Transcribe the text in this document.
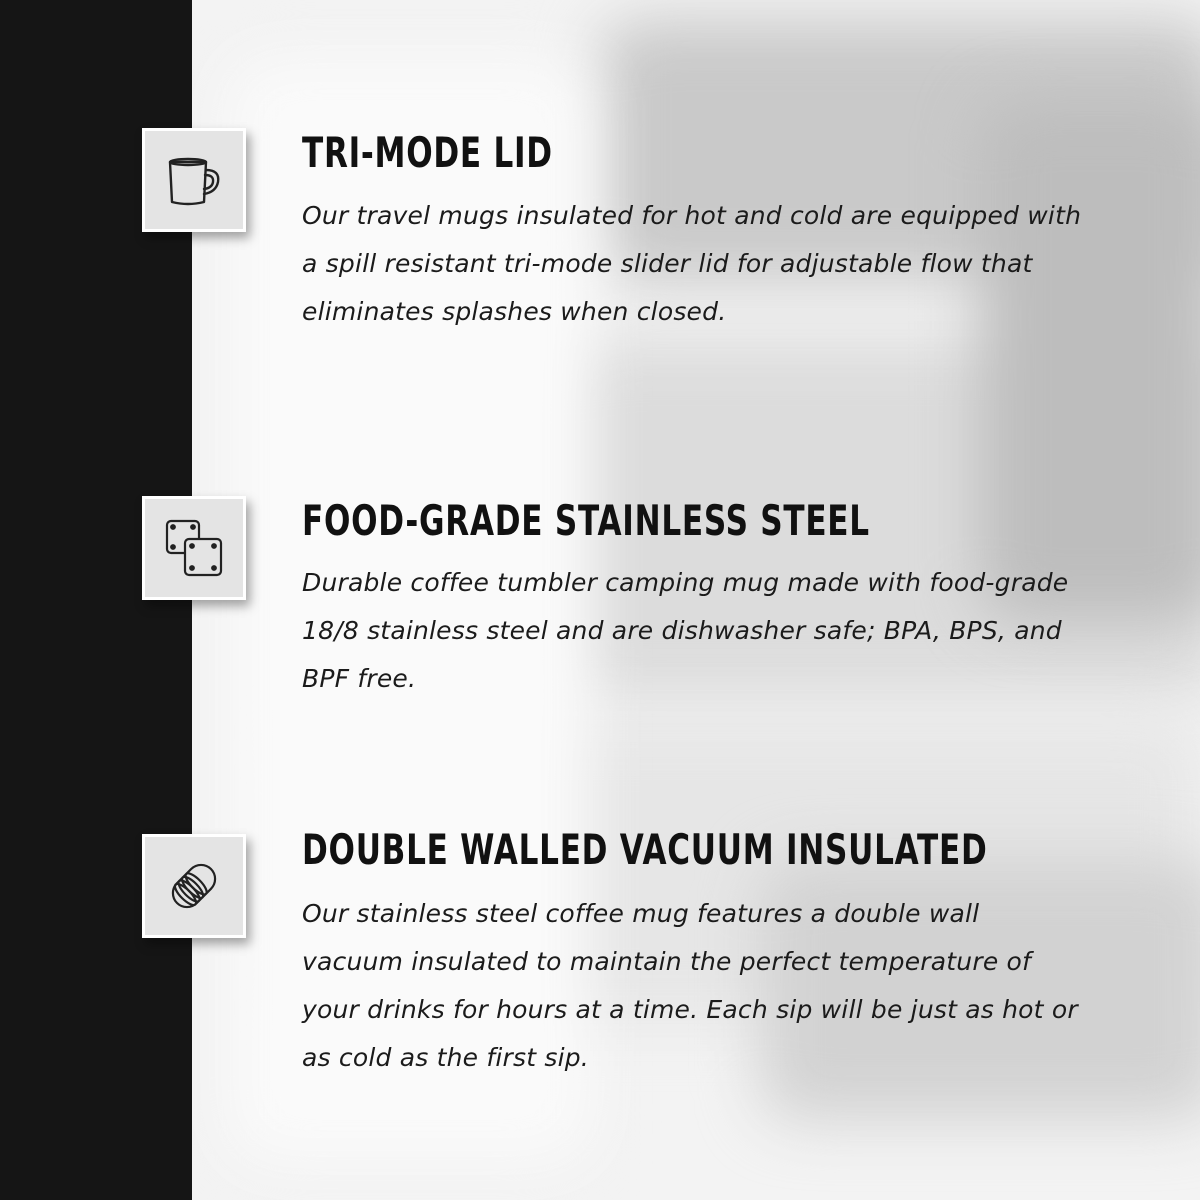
TRI-MODE LID
Our travel mugs insulated for hot and cold are equipped with a spill resistant tri-mode slider lid for adjustable flow that eliminates splashes when closed.
FOOD-GRADE STAINLESS STEEL
Durable coffee tumbler camping mug made with food-grade 18/8 stainless steel and are dishwasher safe; BPA, BPS, and BPF free.
DOUBLE WALLED VACUUM INSULATED
Our stainless steel coffee mug features a double wall vacuum insulated to maintain the perfect temperature of your drinks for hours at a time. Each sip will be just as hot or as cold as the first sip.
